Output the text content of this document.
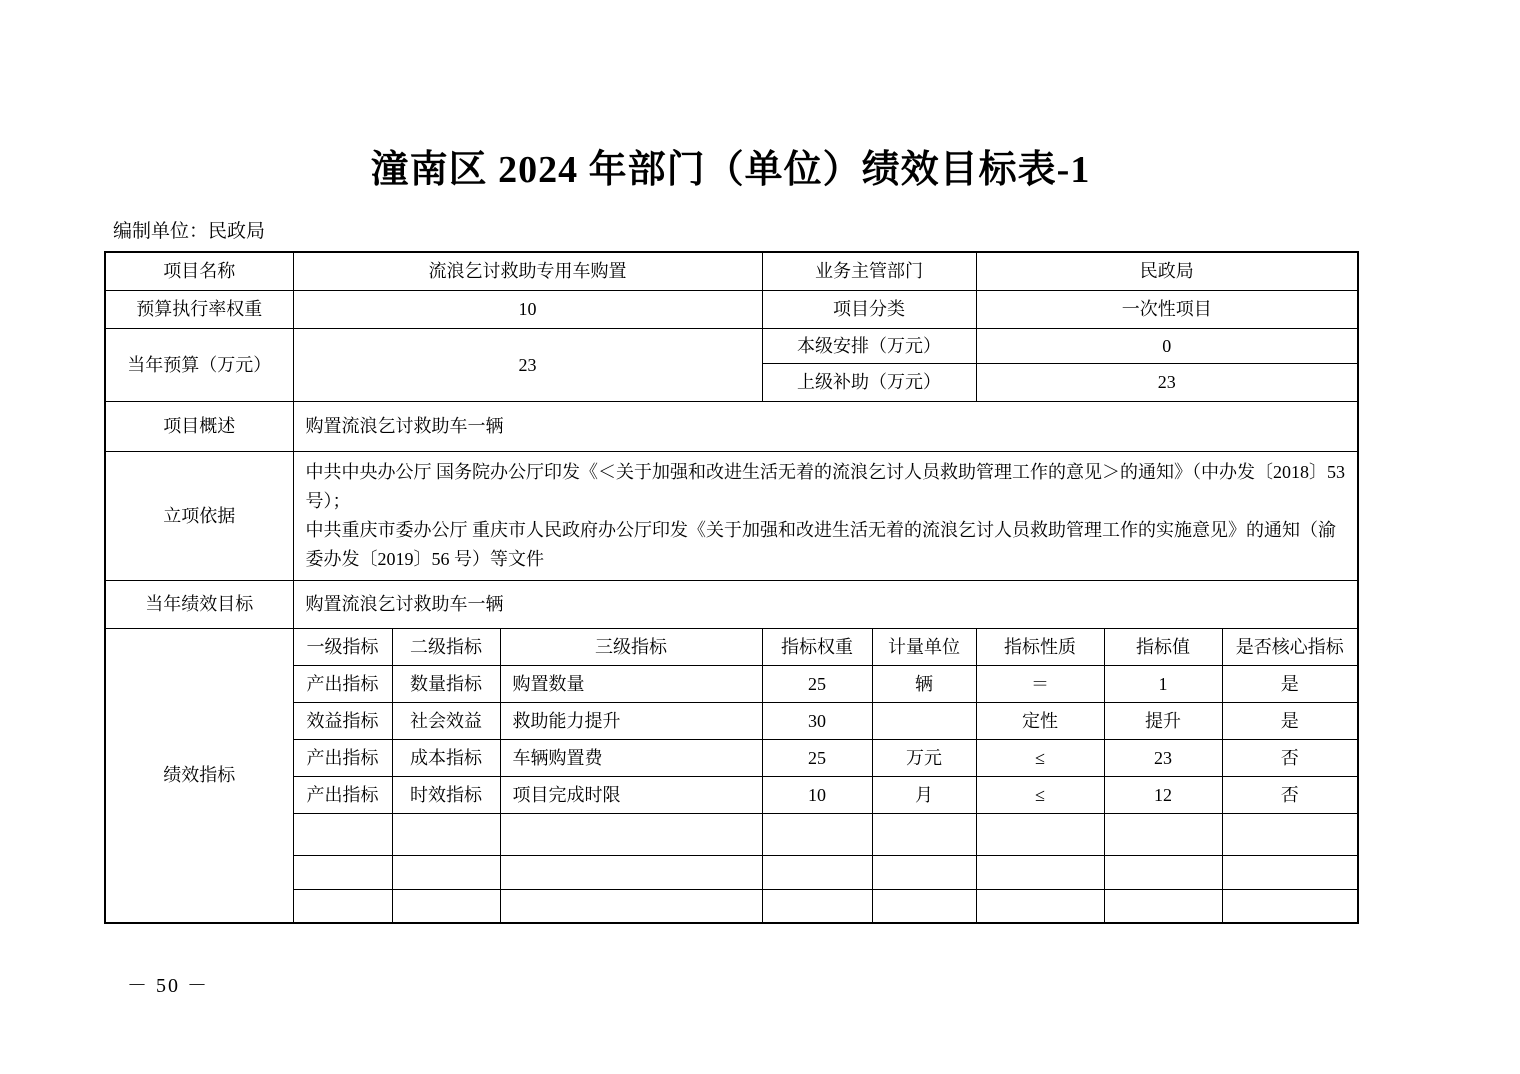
潼南区 2024 年部门（单位）绩效目标表-1
编制单位：民政局
项目名称	流浪乞讨救助专用车购置			业务主管部门		民政局		
预算执行率权重	10			项目分类		一次性项目		
当年预算（万元）	23			本级安排（万元）		0		
				上级补助（万元）		23		
项目概述	购置流浪乞讨救助车一辆							
立项依据	中共中央办公厅 国务院办公厅印发《＜关于加强和改进生活无着的流浪乞讨人员救助管理工作的意见＞的通知》（中办发〔2018〕53 号）；
中共重庆市委办公厅 重庆市人民政府办公厅印发《关于加强和改进生活无着的流浪乞讨人员救助管理工作的实施意见》的通知（渝委办发〔2019〕56 号）等文件							

当年绩效目标	购置流浪乞讨救助车一辆							
绩效指标	一级指标	二级指标	三级指标	指标权重	计量单位	指标性质	指标值	是否核心指标
	产出指标	数量指标	购置数量	25	辆	＝	1	是
	效益指标	社会效益	救助能力提升	30		定性	提升	是
	产出指标	成本指标	车辆购置费	25	万元	≤	23	否
	产出指标	时效指标	项目完成时限	10	月	≤	12	否

－ 50 －
